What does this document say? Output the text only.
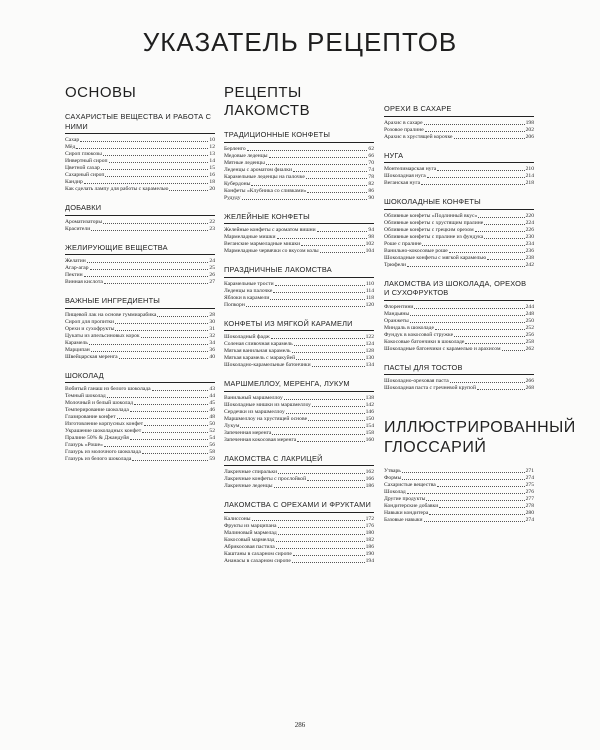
УКАЗАТЕЛЬ РЕЦЕПТОВ
ОСНОВЫ
САХАРИСТЫЕ ВЕЩЕСТВА И РАБОТА С НИМИ
Сахар	10
Мёд	12
Сироп глюкозы	13
Инвертный сироп	14
Цветной сахар	15
Сахарный сироп	16
Кандир	18
Как сделать лампу для работы с карамелью	20
ДОБАВКИ
Ароматизаторы	22
Красители	23
ЖЕЛИРУЮЩИЕ ВЕЩЕСТВА
Желатин	24
Агар-агар	25
Пектин	26
Винная кислота	27
ВАЖНЫЕ ИНГРЕДИЕНТЫ
Пищевой лак на основе гуммиарабика	28
Сироп для пропитки	30
Орехи и сухофрукты	31
Цукаты из апельсиновых корок	32
Карамель	34
Марципан	36
Швейцарская меренга	40
ШОКОЛАД
Вобитый ганаш из белого шоколада	43
Темный шоколад	44
Молочный и белый шоколад	45
Темперирование шоколада	46
Глазирование конфет	48
Изготовление корпусных конфет	50
Украшение шоколадных конфет	52
Пралине 50% & Джандуйя	54
Глазурь «Роше»	56
Глазурь из молочного шоколада	58
Глазурь из белого шоколада	59
РЕЦЕПТЫ ЛАКОМСТВ
ТРАДИЦИОННЫЕ КОНФЕТЫ
Берленго	62
Медовые леденцы	66
Мятные леденцы	70
Леденцы с ароматом фиалки	74
Карамельные леденцы на палочке	78
Кубердоны	82
Конфеты «Клубника со сливками»	86
Рудуду	90
ЖЕЛЕЙНЫЕ КОНФЕТЫ
Желейные конфеты с ароматом вишни	94
Мармеладные мишки	98
Веганские мармеладные мишки	102
Мармеладные червячки со вкусом колы	104
ПРАЗДНИЧНЫЕ ЛАКОМСТВА
Карамельные трости	110
Леденцы на палочке	114
Яблоки в карамели	118
Попкорн	120
КОНФЕТЫ ИЗ МЯГКОЙ КАРАМЕЛИ
Шоколадный фадж	122
Соленая сливочная карамель	124
Мягкая ванильная карамель	128
Мягкая карамель с маракуйей	130
Шоколадно-карамельные батончики	134
МАРШМЕЛЛОУ, МЕРЕНГА, ЛУКУМ
Ванильный маршмеллоу	138
Шоколадные мишки из маршмеллоу	142
Сердечки из маршмеллоу	146
Маршмеллоу на хрустящей основе	150
Лукум	154
Запеченная меренга	158
Запеченная кокосовая меренга	160
ЛАКОМСТВА С ЛАКРИЦЕЙ
Лакричные спиральки	162
Лакричные конфеты с прослойкой	166
Лакричные леденцы	186
ЛАКОМСТВА С ОРЕХАМИ И ФРУКТАМИ
Калиссоны	172
Фрукты из марципана	176
Малиновый мармелад	180
Кокосовый мармелад	182
Абрикосовая пастила	186
Каштаны в сахарном сиропе	190
Ананасы в сахарном сиропе	194
ОРЕХИ В САХАРЕ
Арахис в сахаре	198
Розовое пралине	202
Арахис в хрустящей корочке	206
НУГА
Монтелимарская нуга	210
Шоколадная нуга	214
Веганская нуга	218
ШОКОЛАДНЫЕ КОНФЕТЫ
Обливные конфеты «Подлинный вкус»	220
Обливные конфеты с хрустящим пралине	224
Обливные конфеты с грецким орехом	226
Обливные конфеты с пралине из фундука	230
Роше с пралине	234
Ванильно-кокосовые роше	236
Шоколадные конфеты с мягкой карамелью	238
Трюфели	242
ЛАКОМСТВА ИЗ ШОКОЛАДА, ОРЕХОВ И СУХОФРУКТОВ
Флорентини	244
Мандьяны	248
Оранжеты	250
Миндаль в шоколаде	252
Фундук в кокосовой стружке	256
Кокосовые батончики в шоколаде	258
Шоколадные батончики с карамелью и арахисом	262
ПАСТЫ ДЛЯ ТОСТОВ
Шоколадно-ореховая паста	266
Шоколадная паста с гречневой крупой	268
ИЛЛЮСТРИРОВАННЫЙ ГЛОССАРИЙ
Утварь	271
Формы	274
Сахаристые вещества	275
Шоколад	276
Другие продукты	277
Кондитерские добавки	278
Навыки кондитера	280
Базовые навыки	274
286
